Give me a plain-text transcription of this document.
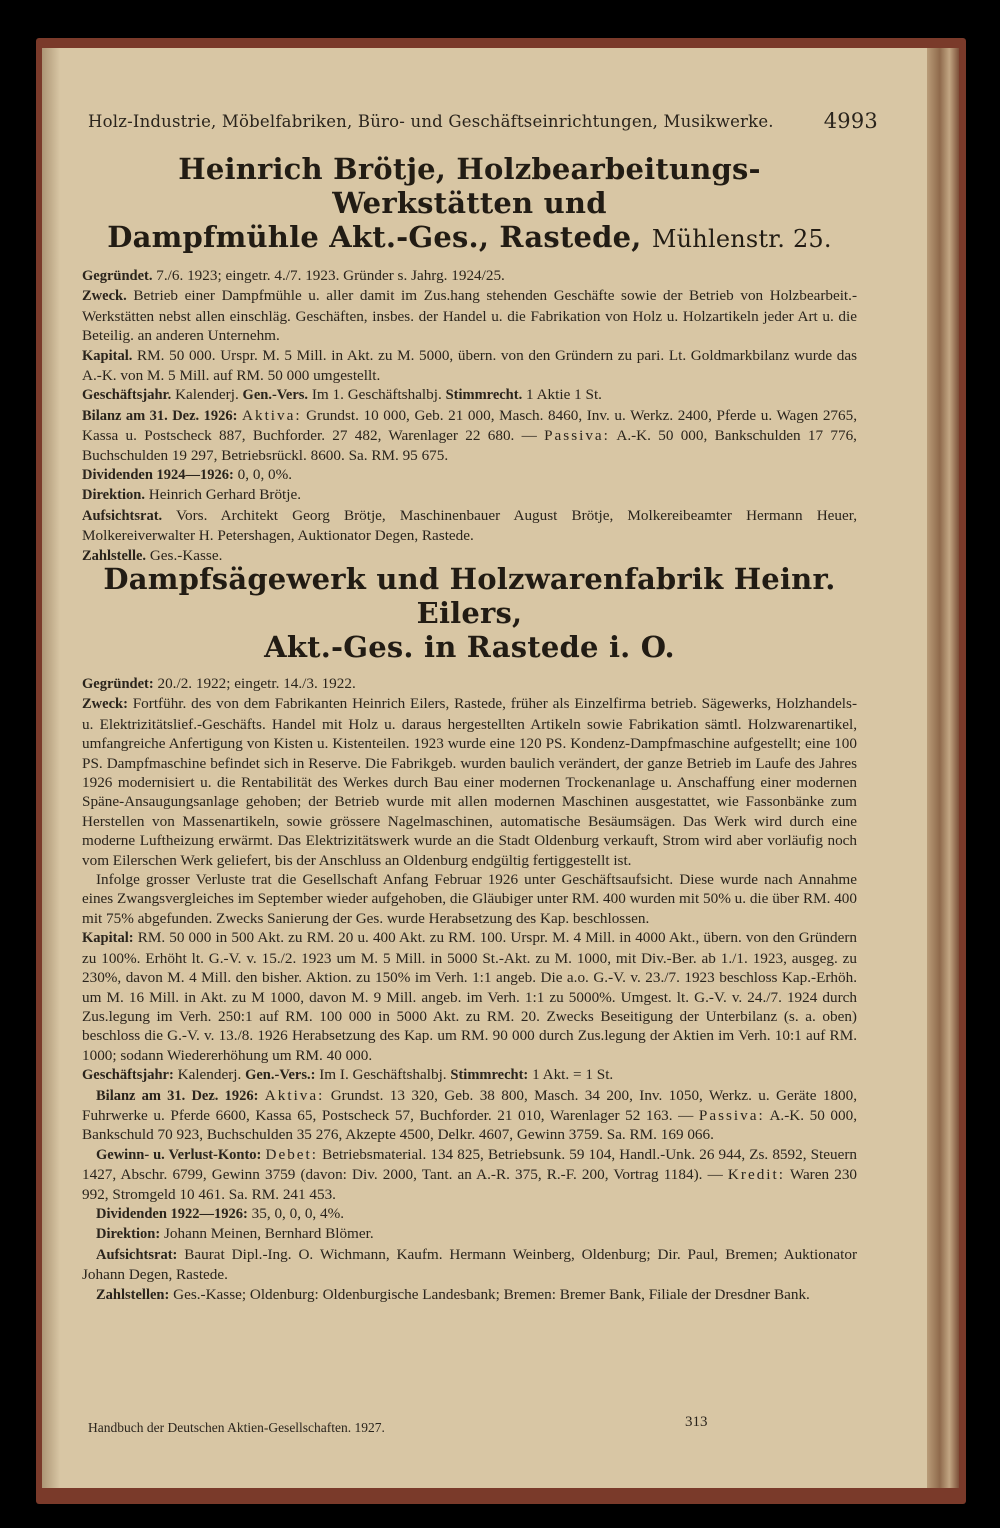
Holz-Industrie, Möbelfabriken, Büro- und Geschäftseinrichtungen, Musikwerke. 4993
Heinrich Brötje, Holzbearbeitungs-Werkstätten und
Dampfmühle Akt.-Ges., Rastede, Mühlenstr. 25.

Gegründet. 7./6. 1923; eingetr. 4./7. 1923. Gründer s. Jahrg. 1924/25.

Zweck. Betrieb einer Dampfmühle u. aller damit im Zus.hang stehenden Geschäfte sowie der Betrieb von Holzbearbeit.-Werkstätten nebst allen einschläg. Geschäften, insbes. der Handel u. die Fabrikation von Holz u. Holzartikeln jeder Art u. die Beteilig. an anderen Unternehm.

Kapital. RM. 50 000. Urspr. M. 5 Mill. in Akt. zu M. 5000, übern. von den Gründern zu pari. Lt. Goldmarkbilanz wurde das A.-K. von M. 5 Mill. auf RM. 50 000 umgestellt.

Geschäftsjahr. Kalenderj. Gen.-Vers. Im 1. Geschäftshalbj. Stimmrecht. 1 Aktie 1 St.

Bilanz am 31. Dez. 1926: Aktiva: Grundst. 10 000, Geb. 21 000, Masch. 8460, Inv. u. Werkz. 2400, Pferde u. Wagen 2765, Kassa u. Postscheck 887, Buchforder. 27 482, Warenlager 22 680. — Passiva: A.-K. 50 000, Bankschulden 17 776, Buchschulden 19 297, Betriebsrückl. 8600. Sa. RM. 95 675.

Dividenden 1924—1926: 0, 0, 0%.

Direktion. Heinrich Gerhard Brötje.

Aufsichtsrat. Vors. Architekt Georg Brötje, Maschinenbauer August Brötje, Molkereibeamter Hermann Heuer, Molkereiverwalter H. Petershagen, Auktionator Degen, Rastede.

Zahlstelle. Ges.-Kasse.

Dampfsägewerk und Holzwarenfabrik Heinr. Eilers,
Akt.-Ges. in Rastede i. O.

Gegründet: 20./2. 1922; eingetr. 14./3. 1922.

Zweck: Fortführ. des von dem Fabrikanten Heinrich Eilers, Rastede, früher als Einzelfirma betrieb. Sägewerks, Holzhandels- u. Elektrizitätslief.-Geschäfts. Handel mit Holz u. daraus hergestellten Artikeln sowie Fabrikation sämtl. Holzwarenartikel, umfangreiche Anfertigung von Kisten u. Kistenteilen. 1923 wurde eine 120 PS. Kondenz-Dampfmaschine aufgestellt; eine 100 PS. Dampfmaschine befindet sich in Reserve. Die Fabrikgeb. wurden baulich verändert, der ganze Betrieb im Laufe des Jahres 1926 modernisiert u. die Rentabilität des Werkes durch Bau einer modernen Trockenanlage u. Anschaffung einer modernen Späne-Ansaugungsanlage gehoben; der Betrieb wurde mit allen modernen Maschinen ausgestattet, wie Fassonbänke zum Herstellen von Massenartikeln, sowie grössere Nagelmaschinen, automatische Besäumsägen. Das Werk wird durch eine moderne Luftheizung erwärmt. Das Elektrizitätswerk wurde an die Stadt Oldenburg verkauft, Strom wird aber vorläufig noch vom Eilerschen Werk geliefert, bis der Anschluss an Oldenburg endgültig fertiggestellt ist.

Infolge grosser Verluste trat die Gesellschaft Anfang Februar 1926 unter Geschäftsaufsicht. Diese wurde nach Annahme eines Zwangsvergleiches im September wieder aufgehoben, die Gläubiger unter RM. 400 wurden mit 50% u. die über RM. 400 mit 75% abgefunden. Zwecks Sanierung der Ges. wurde Herabsetzung des Kap. beschlossen.

Kapital: RM. 50 000 in 500 Akt. zu RM. 20 u. 400 Akt. zu RM. 100. Urspr. M. 4 Mill. in 4000 Akt., übern. von den Gründern zu 100%. Erhöht lt. G.-V. v. 15./2. 1923 um M. 5 Mill. in 5000 St.-Akt. zu M. 1000, mit Div.-Ber. ab 1./1. 1923, ausgeg. zu 230%, davon M. 4 Mill. den bisher. Aktion. zu 150% im Verh. 1:1 angeb. Die a.o. G.-V. v. 23./7. 1923 beschloss Kap.-Erhöh. um M. 16 Mill. in Akt. zu M 1000, davon M. 9 Mill. angeb. im Verh. 1:1 zu 5000%. Umgest. lt. G.-V. v. 24./7. 1924 durch Zus.legung im Verh. 250:1 auf RM. 100 000 in 5000 Akt. zu RM. 20. Zwecks Beseitigung der Unterbilanz (s. a. oben) beschloss die G.-V. v. 13./8. 1926 Herabsetzung des Kap. um RM. 90 000 durch Zus.legung der Aktien im Verh. 10:1 auf RM. 1000; sodann Wiedererhöhung um RM. 40 000.

Geschäftsjahr: Kalenderj. Gen.-Vers.: Im I. Geschäftshalbj. Stimmrecht: 1 Akt. = 1 St.

Bilanz am 31. Dez. 1926: Aktiva: Grundst. 13 320, Geb. 38 800, Masch. 34 200, Inv. 1050, Werkz. u. Geräte 1800, Fuhrwerke u. Pferde 6600, Kassa 65, Postscheck 57, Buchforder. 21 010, Warenlager 52 163. — Passiva: A.-K. 50 000, Bankschuld 70 923, Buchschulden 35 276, Akzepte 4500, Delkr. 4607, Gewinn 3759. Sa. RM. 169 066.

Gewinn- u. Verlust-Konto: Debet: Betriebsmaterial. 134 825, Betriebsunk. 59 104, Handl.-Unk. 26 944, Zs. 8592, Steuern 1427, Abschr. 6799, Gewinn 3759 (davon: Div. 2000, Tant. an A.-R. 375, R.-F. 200, Vortrag 1184). — Kredit: Waren 230 992, Stromgeld 10 461. Sa. RM. 241 453.

Dividenden 1922—1926: 35, 0, 0, 0, 4%.

Direktion: Johann Meinen, Bernhard Blömer.

Aufsichtsrat: Baurat Dipl.-Ing. O. Wichmann, Kaufm. Hermann Weinberg, Oldenburg; Dir. Paul, Bremen; Auktionator Johann Degen, Rastede.

Zahlstellen: Ges.-Kasse; Oldenburg: Oldenburgische Landesbank; Bremen: Bremer Bank, Filiale der Dresdner Bank.

Handbuch der Deutschen Aktien-Gesellschaften. 1927.	313
